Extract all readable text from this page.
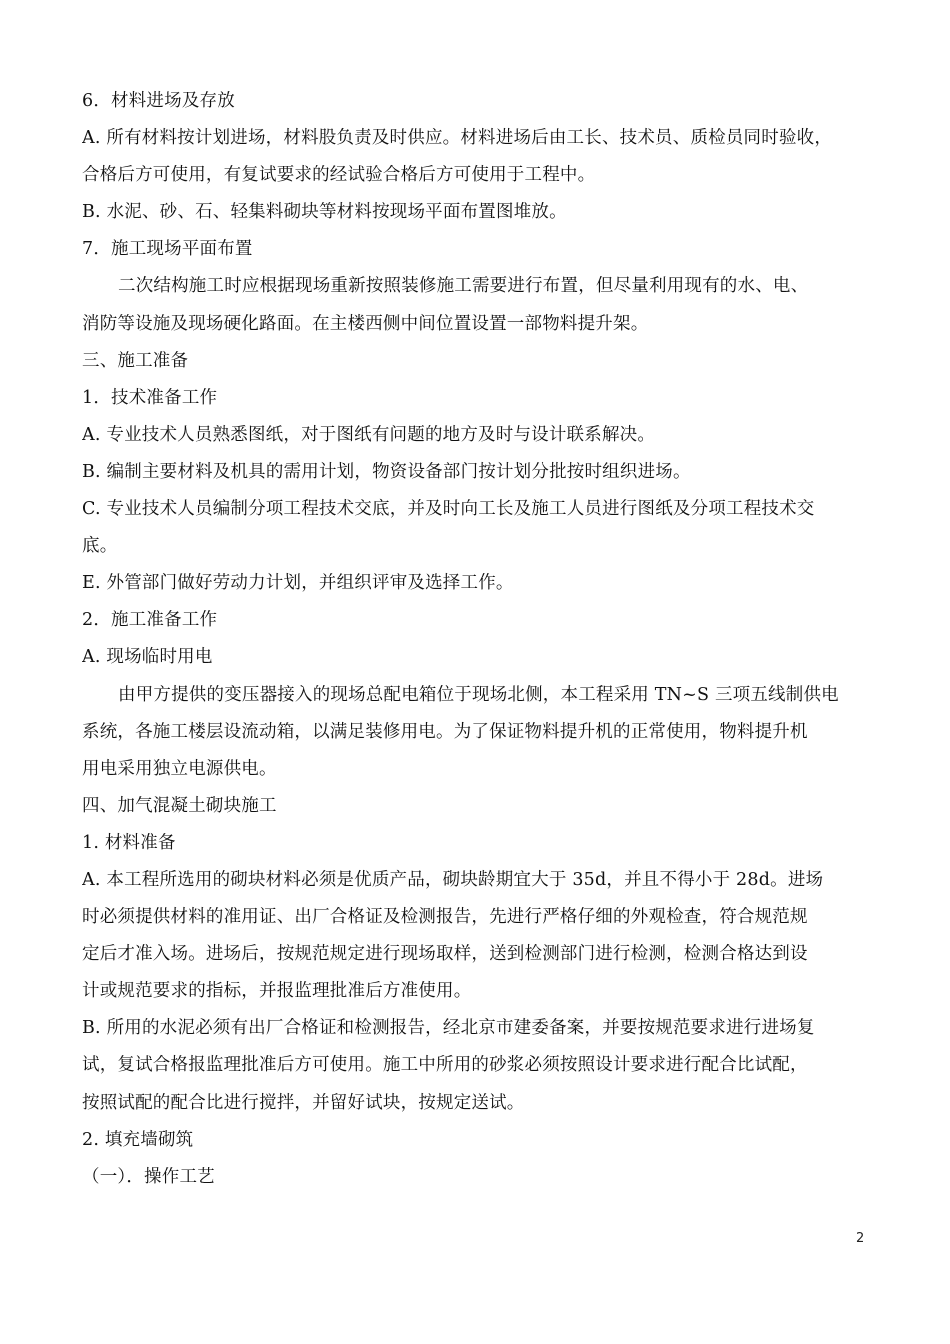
6．材料进场及存放
A. 所有材料按计划进场，材料股负责及时供应。材料进场后由工长、技术员、质检员同时验收，
合格后方可使用，有复试要求的经试验合格后方可使用于工程中。
B. 水泥、砂、石、轻集料砌块等材料按现场平面布置图堆放。
7．施工现场平面布置
二次结构施工时应根据现场重新按照装修施工需要进行布置，但尽量利用现有的水、电、
消防等设施及现场硬化路面。在主楼西侧中间位置设置一部物料提升架。
三、施工准备
1．技术准备工作
A. 专业技术人员熟悉图纸，对于图纸有问题的地方及时与设计联系解决。
B. 编制主要材料及机具的需用计划，物资设备部门按计划分批按时组织进场。
C. 专业技术人员编制分项工程技术交底，并及时向工长及施工人员进行图纸及分项工程技术交
底。
E. 外管部门做好劳动力计划，并组织评审及选择工作。
2．施工准备工作
A. 现场临时用电
由甲方提供的变压器接入的现场总配电箱位于现场北侧，本工程采用 TN~S 三项五线制供电
系统，各施工楼层设流动箱，以满足装修用电。为了保证物料提升机的正常使用，物料提升机
用电采用独立电源供电。
四、加气混凝土砌块施工
1. 材料准备
A. 本工程所选用的砌块材料必须是优质产品，砌块龄期宜大于 35d，并且不得小于 28d。进场
时必须提供材料的准用证、出厂合格证及检测报告，先进行严格仔细的外观检查，符合规范规
定后才准入场。进场后，按规范规定进行现场取样，送到检测部门进行检测，检测合格达到设
计或规范要求的指标，并报监理批准后方准使用。
B. 所用的水泥必须有出厂合格证和检测报告，经北京市建委备案，并要按规范要求进行进场复
试，复试合格报监理批准后方可使用。施工中所用的砂浆必须按照设计要求进行配合比试配，
按照试配的配合比进行搅拌，并留好试块，按规定送试。
2. 填充墙砌筑
（一）．操作工艺
2
